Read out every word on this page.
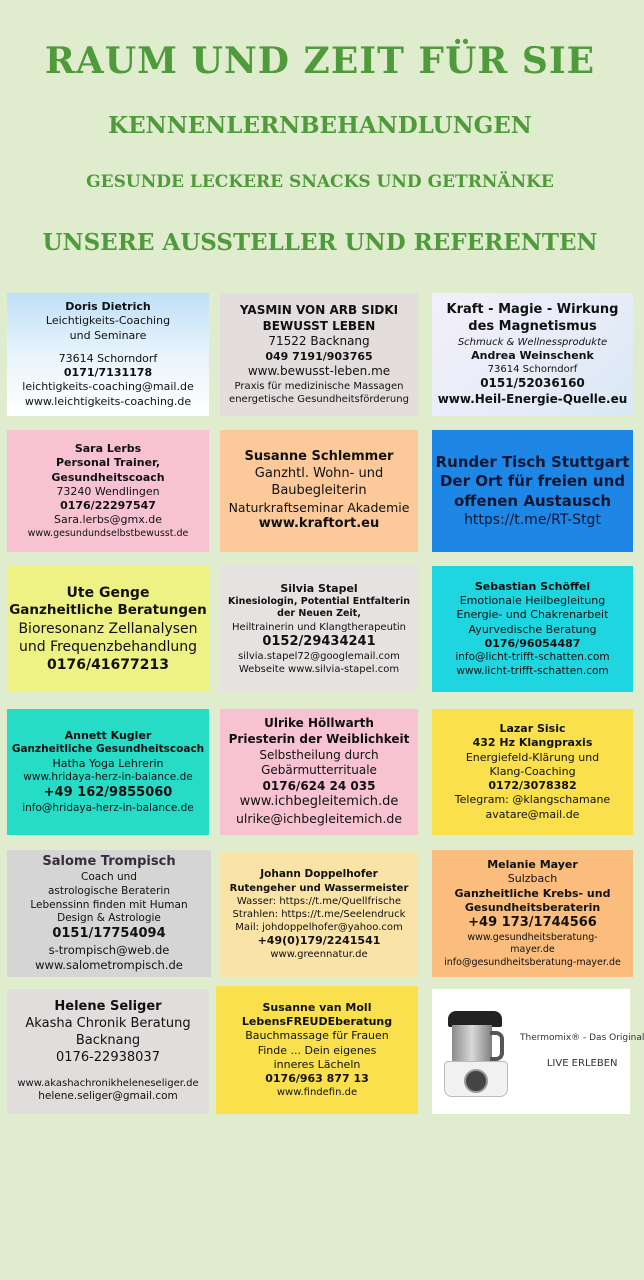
RAUM UND ZEIT FÜR SIE
KENNENLERNBEHANDLUNGEN
GESUNDE LECKERE SNACKS UND GETRNÄNKE
UNSERE AUSSTELLER UND REFERENTEN
Doris Dietrich
Leichtigkeits-Coaching
und Seminare
73614 Schorndorf
0171/7131178
leichtigkeits-coaching@mail.de
www.leichtigkeits-coaching.de
YASMIN VON ARB SIDKI
BEWUSST LEBEN
71522 Backnang
049 7191/903765
www.bewusst-leben.me
Praxis für medizinische Massagen
energetische Gesundheitsförderung
Kraft - Magie - Wirkung
des Magnetismus
Schmuck & Wellnessprodukte
Andrea Weinschenk
73614 Schorndorf
0151/52036160
www.Heil-Energie-Quelle.eu
Sara Lerbs
Personal Trainer,
Gesundheitscoach
73240 Wendlingen
0176/22297547
Sara.lerbs@gmx.de
www.gesundundselbstbewusst.de
Susanne Schlemmer
Ganzhtl. Wohn- und
Baubegleiterin
Naturkraftseminar Akademie
www.kraftort.eu
Runder Tisch Stuttgart
Der Ort für freien und
offenen Austausch
https://t.me/RT-Stgt
Ute Genge
Ganzheitliche Beratungen
Bioresonanz Zellanalysen
und Frequenzbehandlung
0176/41677213
Silvia Stapel
Kinesiologin, Potential Entfalterin
der Neuen Zeit,
Heiltrainerin und Klangtherapeutin
0152/29434241
silvia.stapel72@googlemail.com
Webseite www.silvia-stapel.com
Sebastian Schöffel
Emotionale Heilbegleitung
Energie- und Chakrenarbeit
Ayurvedische Beratung
0176/96054487
info@licht-trifft-schatten.com
www.licht-trifft-schatten.com
Annett Kugler
Ganzheitliche Gesundheitscoach
Hatha Yoga Lehrerin
www.hridaya-herz-in-balance.de
+49 162/9855060
info@hridaya-herz-in-balance.de
Ulrike Höllwarth
Priesterin der Weiblichkeit
Selbstheilung durch
Gebärmutterrituale
0176/624 24 035
www.ichbegleitemich.de
ulrike@ichbegleitemich.de
Lazar Sisic
432 Hz Klangpraxis
Energiefeld-Klärung und
Klang-Coaching
0172/3078382
Telegram: @klangschamane
avatare@mail.de
Salome Trompisch
Coach und
astrologische Beraterin
Lebenssinn finden mit Human
Design & Astrologie
0151/17754094
s-trompisch@web.de
www.salometrompisch.de
Johann Doppelhofer
Rutengeher und Wassermeister
Wasser: https://t.me/Quellfrische
Strahlen: https://t.me/Seelendruck
Mail: johdoppelhofer@yahoo.com
+49(0)179/2241541
www.greennatur.de
Melanie Mayer
Sulzbach
Ganzheitliche Krebs- und
Gesundheitsberaterin
+49 173/1744566
www.gesundheitsberatung-
mayer.de
info@gesundheitsberatung-mayer.de
Helene Seliger
Akasha Chronik Beratung
Backnang
0176-22938037
www.akashachronikheleneseliger.de
helene.seliger@gmail.com
Susanne van Moll
LebensFREUDEberatung
Bauchmassage für Frauen
Finde ... Dein eigenes
inneres Lächeln
0176/963 877 13
www.findefin.de
Thermomix® - Das Original
LIVE ERLEBEN
